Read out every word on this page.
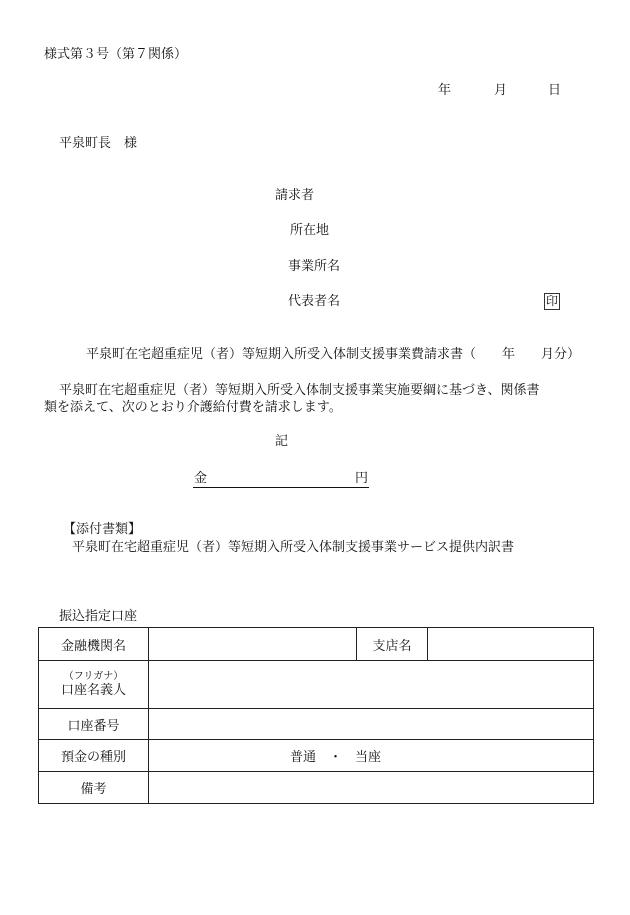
様式第３号（第７関係）
年	月	日
平泉町長　様
請求者
所在地
事業所名
代表者名	印
平泉町在宅超重症児（者）等短期入所受入体制支援事業費請求書（　　年　　月分）
平泉町在宅超重症児（者）等短期入所受入体制支援事業実施要綱に基づき、関係書
類を添えて、次のとおり介護給付費を請求します。
記
金	円
【添付書類】
平泉町在宅超重症児（者）等短期入所受入体制支援事業サービス提供内訳書
振込指定口座
金融機関名		支店名	

（フリガナ）
口座名義人			

口座番号			
預金の種別	普通　・　当座		
備考			
